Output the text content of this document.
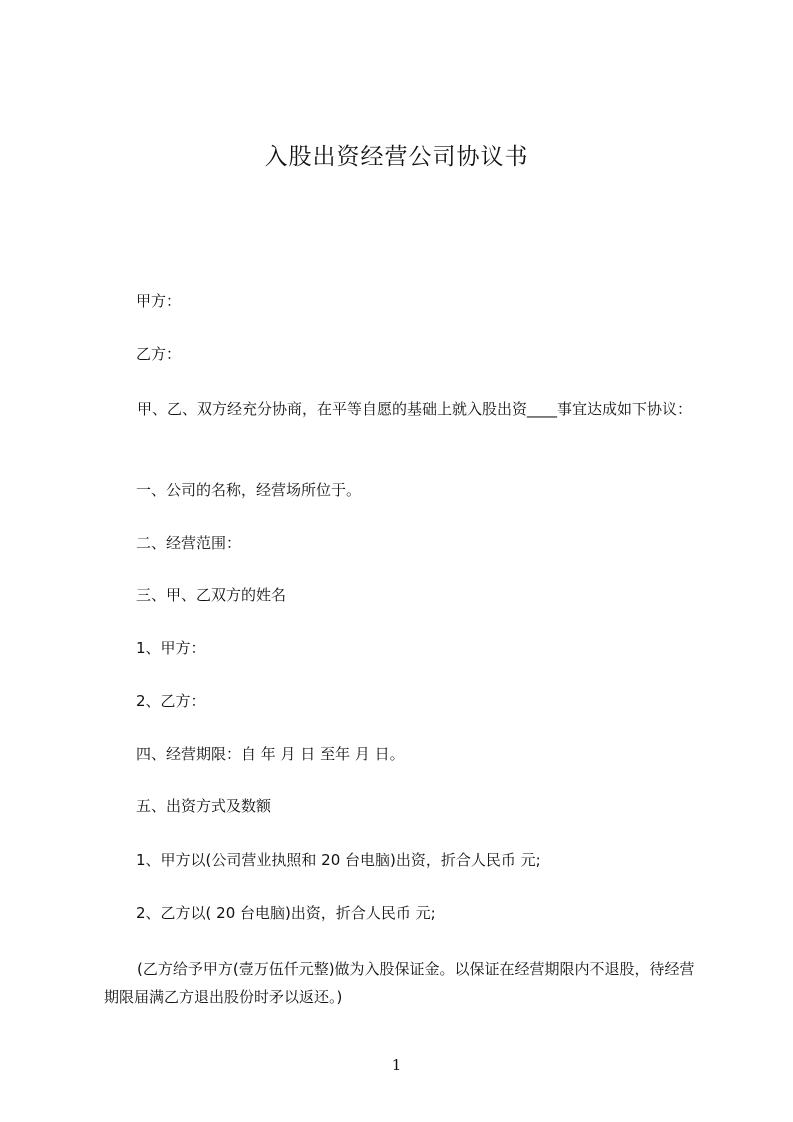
入股出资经营公司协议书
甲方：
乙方：
甲、乙、双方经充分协商，在平等自愿的基础上就入股出资____事宜达成如下协议：
一、公司的名称，经营场所位于。
二、经营范围：
三、甲、乙双方的姓名
1、甲方：
2、乙方：
四、经营期限：自 年 月 日 至年 月 日。
五、出资方式及数额
1、甲方以(公司营业执照和 20 台电脑)出资，折合人民币 元;
2、乙方以( 20 台电脑)出资，折合人民币 元;
(乙方给予甲方(壹万伍仟元整)做为入股保证金。以保证在经营期限内不退股，待经营期限届满乙方退出股份时矛以返还。)
1
